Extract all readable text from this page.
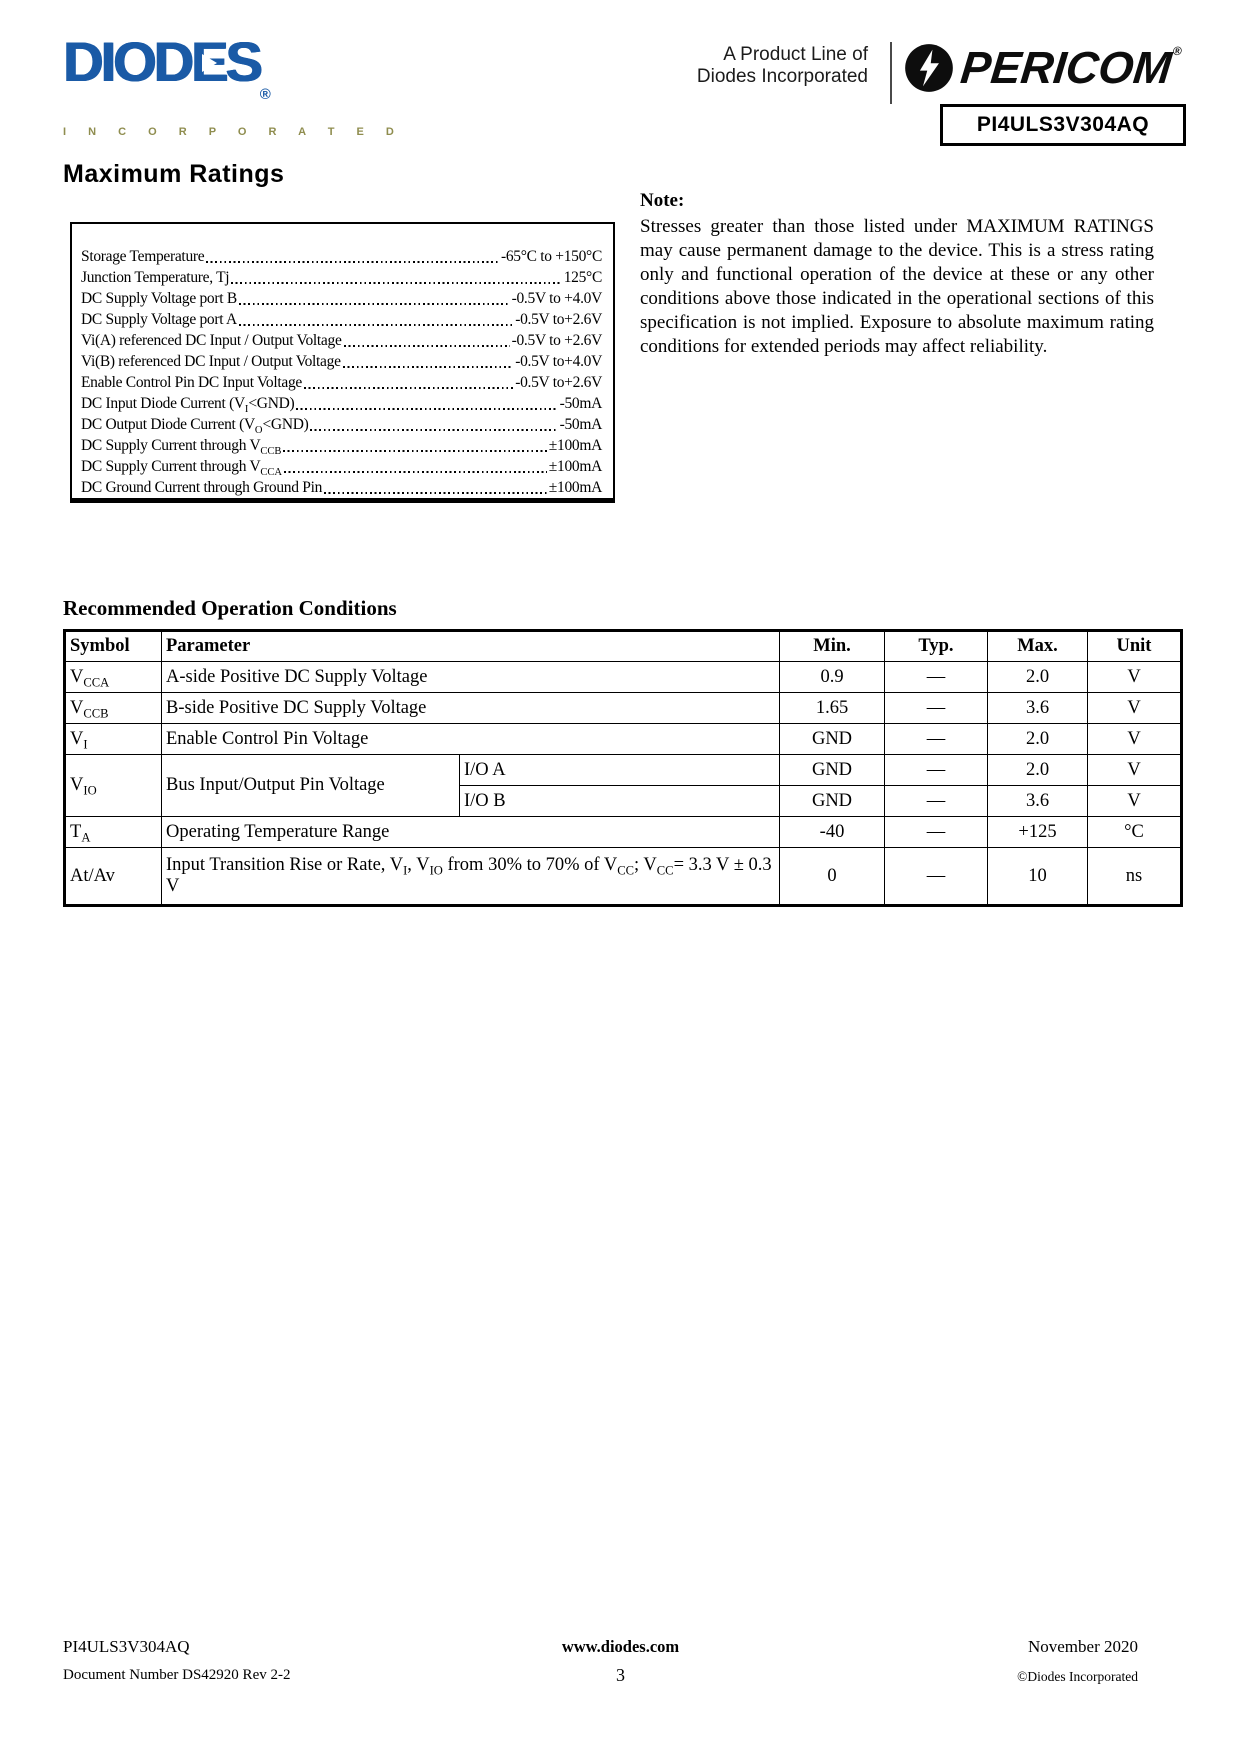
$DIODES_®$
I N C O R P O R A T E D
A Product Line of
Diodes Incorporated PERICOM®
PI4ULS3V304AQ
Maximum Ratings
Storage Temperature	-65°C to +150°C
Junction Temperature, Tj	125°C
DC Supply Voltage port B	-0.5V to +4.0V
DC Supply Voltage port A	-0.5V to+2.6V
Vi(A) referenced DC Input / Output Voltage	-0.5V to +2.6V
Vi(B) referenced DC Input / Output Voltage	-0.5V to+4.0V
Enable Control Pin DC Input Voltage	-0.5V to+2.6V
DC Input Diode Current $(V_I<GND)$	-50mA
DC Output Diode Current $(V_O<GND)$	-50mA
DC Supply Current through $V_{CCB}$	±100mA
DC Supply Current through $V_{CCA}$	±100mA
DC Ground Current through Ground Pin	±100mA
Note:
Stresses greater than those listed under MAXIMUM RATINGS may cause permanent damage to the device. This is a stress rating only and functional operation of the device at these or any other conditions above those indicated in the operational sections of this specification is not implied. Exposure to absolute maximum rating conditions for extended periods may affect reliability.
Recommended Operation Conditions
Symbol	Parameter		Min.	Typ.	Max.	Unit
$V_{CCA}$	A-side Positive DC Supply Voltage		0.9	—	2.0	V
$V_{CCB}$	B-side Positive DC Supply Voltage		1.65	—	3.6	V
$V_I$	Enable Control Pin Voltage		GND	—	2.0	V
$V_{IO}$	Bus Input/Output Pin Voltage	I/O A	GND	—	2.0	V
		I/O B	GND	—	3.6	V
$T_A$	Operating Temperature Range		-40	—	+125	°C
At/Av	Input Transition Rise or Rate, $V_I$, $V_{IO}$ from 30% to 70% of $V_{CC}$; $V_{CC}= 3.3$ V ± 0.3 V		0	—	10	ns
PI4ULS3V304AQ
Document Number DS42920 Rev 2-2
www.diodes.com
3
November 2020
©Diodes Incorporated
